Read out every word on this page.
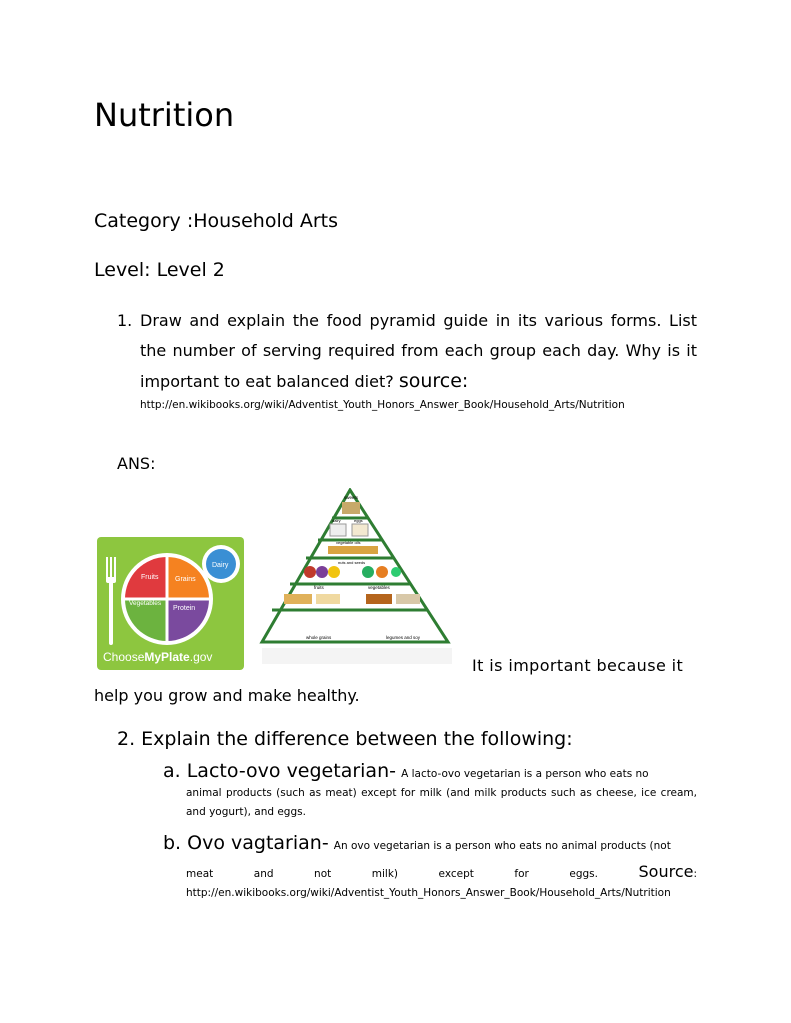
Nutrition
Category :Household Arts
Level: Level 2
1. Draw and explain the food pyramid guide in its various forms. List the number of serving required from each group each day. Why is it important to eat balanced diet? source:
http://en.wikibooks.org/wiki/Adventist_Youth_Honors_Answer_Book/Household_Arts/Nutrition
ANS:
Fruits Grains
Vegetables
Protein
Dairy
ChooseMyPlate.gov
sweets
dairy	eggs
vegetable oils
nuts and seeds
fruits	vegetables
whole grains	legumes and soy
It is important because it
help you grow and make healthy.
2. Explain the difference between the following:
a. Lacto-ovo vegetarian- A lacto-ovo vegetarian is a person who eats no
animal products (such as meat) except for milk (and milk products such as cheese, ice cream, and yogurt), and eggs.
b. Ovo vagtarian- An ovo vegetarian is a person who eats no animal products (not
meat and not milk) except for eggs.	Source:
http://en.wikibooks.org/wiki/Adventist_Youth_Honors_Answer_Book/Household_Arts/Nutrition
